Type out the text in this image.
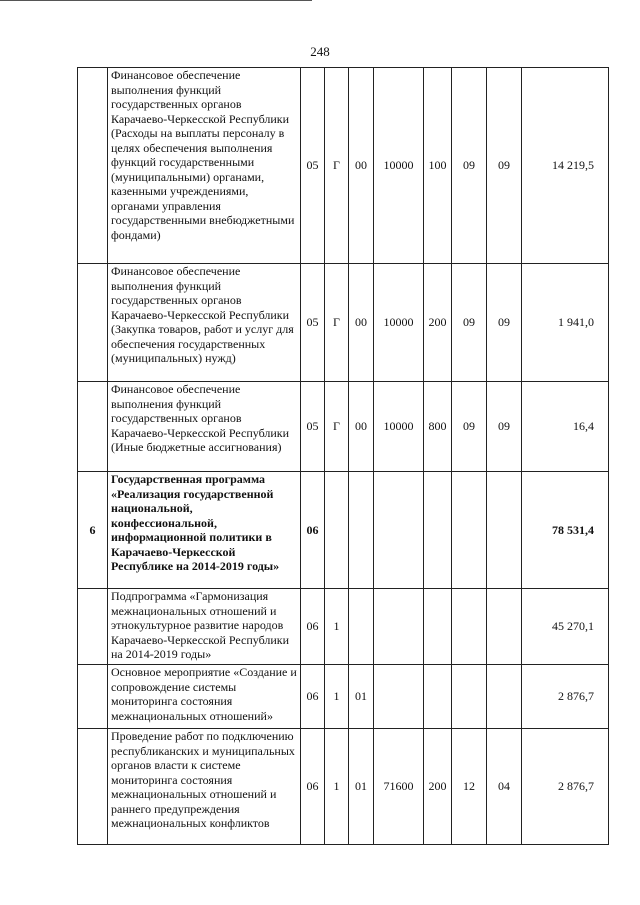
248
	Финансовое обеспечение выполнения функций государственных органов Карачаево-Черкесской Республики (Расходы на выплаты персоналу в целях обеспечения выполнения функций государственными (муниципальными) органами, казенными учреждениями, органами управления государственными внебюджетными фондами)	05	Г	00	10000	100	09	09	14 219,5
	Финансовое обеспечение выполнения функций государственных органов Карачаево-Черкесской Республики (Закупка товаров, работ и услуг для обеспечения государственных (муниципальных) нужд)	05	Г	00	10000	200	09	09	1 941,0
	Финансовое обеспечение выполнения функций государственных органов Карачаево-Черкесской Республики (Иные бюджетные ассигнования)	05	Г	00	10000	800	09	09	16,4
6	Государственная программа «Реализация государственной национальной, конфессиональной, информационной политики в Карачаево-Черкесской Республике на 2014-2019 годы»	06							78 531,4
	Подпрограмма «Гармонизация межнациональных отношений и этнокультурное развитие народов Карачаево-Черкесской Республики на 2014-2019 годы»	06	1						45 270,1
	Основное мероприятие «Создание и сопровождение системы мониторинга состояния межнациональных отношений»	06	1	01					2 876,7
	Проведение работ по подключению республиканских и муниципальных органов власти к системе мониторинга состояния межнациональных отношений и раннего предупреждения межнациональных конфликтов	06	1	01	71600	200	12	04	2 876,7
